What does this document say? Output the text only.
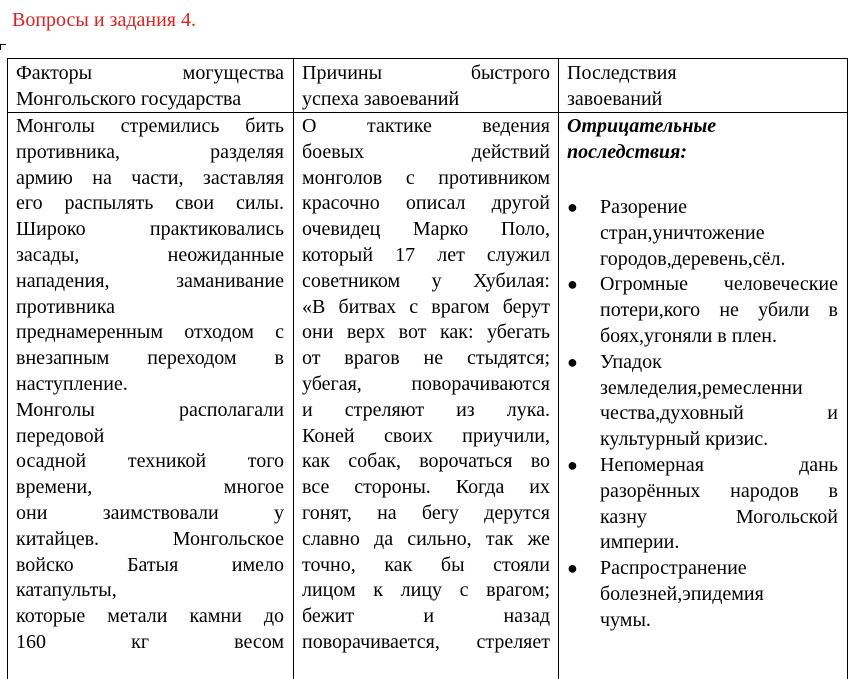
Вопросы и задания 4.
Факторы могущества
Монгольского государства
Причины быстрого
успеха завоеваний
Последствия
завоеваний
Монголы стремились бить
противника, разделяя
армию на части, заставляя
его распылять свои силы.
Широко практиковались
засады, неожиданные
нападения, заманивание
противника
преднамеренным отходом с
внезапным переходом в
наступление.
Монголы располагали
передовой
осадной техникой того
времени, многое
они заимствовали у
китайцев. Монгольское
войско Батыя имело
катапульты,
которые метали камни до
160 кг весом
О тактике ведения
боевых действий
монголов с противником
красочно описал другой
очевидец Марко Поло,
который 17 лет служил
советником у Хубилая:
«В битвах с врагом берут
они верх вот как: убегать
от врагов не стыдятся;
убегая, поворачиваются
и стреляют из лука.
Коней своих приучили,
как собак, ворочаться во
все стороны. Когда их
гонят, на бегу дерутся
славно да сильно, так же
точно, как бы стояли
лицом к лицу с врагом;
бежит и назад
поворачивается, стреляет
Отрицательные
последствия:
● Разорение
стран,уничтожение
городов,деревень,сёл.
● Огромные человеческие
потери,кого не убили в
боях,угоняли в плен.
● Упадок
земледелия,ремесленни
чества,духовный и
культурный кризис.
● Непомерная дань
разорённых народов в
казну Могольской
империи.
● Распространение
болезней,эпидемия
чумы.
